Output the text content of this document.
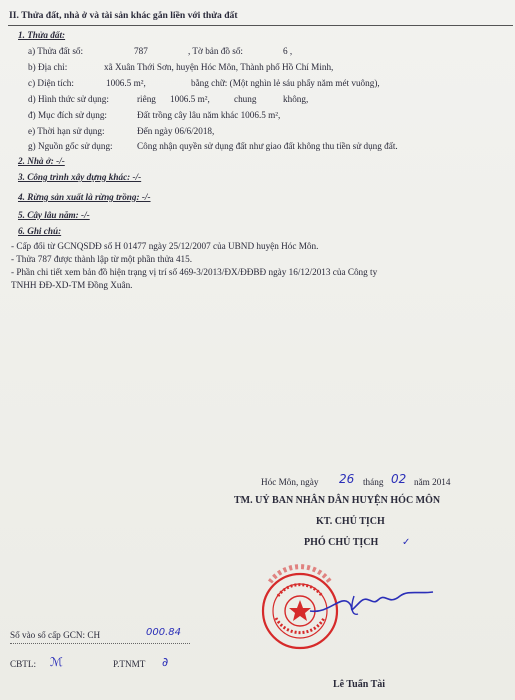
II. Thửa đất, nhà ở và tài sản khác gắn liền với thửa đất
1. Thửa đất:
a) Thửa đất số:	787	, Tờ bản đồ số:	6 ,
b) Địa chỉ:	xã Xuân Thới Sơn, huyện Hóc Môn, Thành phố Hồ Chí Minh,
c) Diện tích:	1006.5 m²,	bằng chữ: (Một nghìn lẻ sáu phẩy năm mét vuông),
d) Hình thức sử dụng:	riêng 1006.5 m²,	chung	không,
đ) Mục đích sử dụng:	Đất trồng cây lâu năm khác 1006.5 m²,
e) Thời hạn sử dụng:	Đến ngày 06/6/2018,
g) Nguồn gốc sử dụng:	Công nhận quyền sử dụng đất như giao đất không thu tiền sử dụng đất.
2. Nhà ở: -/-
3. Công trình xây dựng khác: -/-
4. Rừng sản xuất là rừng trồng: -/-
5. Cây lâu năm: -/-
6. Ghi chú:
- Cấp đổi từ GCNQSDĐ số H 01477 ngày 25/12/2007 của UBND huyện Hóc Môn.
- Thửa 787 được thành lập từ một phần thửa 415.
- Phần chi tiết xem bản đồ hiện trạng vị trí số 469-3/2013/ĐX/ĐĐBĐ ngày 16/12/2013 của Công ty
TNHH ĐĐ-XD-TM Đồng Xuân.
Hóc Môn, ngày 26 tháng 02 năm 2014
TM. UỶ BAN NHÂN DÂN HUYỆN HÓC MÔN
KT. CHỦ TỊCH
PHÓ CHỦ TỊCH ✓
Lê Tuấn Tài
Số vào sổ cấp GCN: CH	000.84
CBTL: ℳ	P.TNMT ∂
